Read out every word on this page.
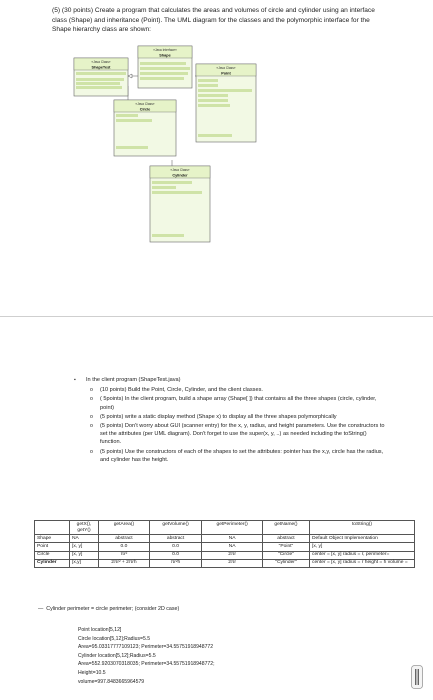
(5) (30 points) Create a program that calculates the areas and volumes of circle and cylinder using an interface class (Shape) and inheritance (Point). The UML diagram for the classes and the polymorphic interface for the Shape hierarchy class are shown:
«Java Class»
ShapeTest
«Java Interface»
Shape
«Java Class»
Point
«Java Class»
Circle
«Java Class»
Cylinder
▪ In the client program (ShapeTest.java)
o (10 points) Build the Point, Circle, Cylinder, and the client classes.
o ( 5points) In the client program, build a shape array (Shape[ ]) that contains all the three shapes (circle, cylinder, point)
o (5 points) write a static display method (Shape x) to display all the three shapes polymorphically
o (5 points) Don't worry about GUI (scanner entry) for the x, y, radius, and height parameters. Use the constructors to set the attributes (per UML diagram). Don't forget to use the super(x, y, ..) as needed including the toString() function.
o (5 points) Use the constructors of each of the shapes to set the attributes: pointer has the x,y, circle has the radius, and cylinder has the height.
	getX(), getY()	getArea()	getVolume()	getPerimeter()	getName()	toString()
Shape	NA	abstract	abstract	NA	abstract	Default Object Implementation
Point	[x, y]	0.0	0.0	NA	"Point"	[x, y]
Circle	[x, y]	πr²	0.0	2πr	"Circle"	center = [x, y] radius = r, perimeter=
Cylinder	[x,y]	2πr² + 2πrh	πr²h	2πr	"Cylinder"	center = [x, y] radius = r height = h volume =
— Cylinder perimeter = circle perimeter; (consider 2D case)
Point location[5,12]
Circle location[5,12];Radius=5.5
Area=95.03317777109123; Perimeter=34.55751918948772
Cylinder location[5,12];Radius=5.5
Area=552.9203070318035; Perimeter=34.55751918948772;
Height=10.5
volume=997.8483665964579
